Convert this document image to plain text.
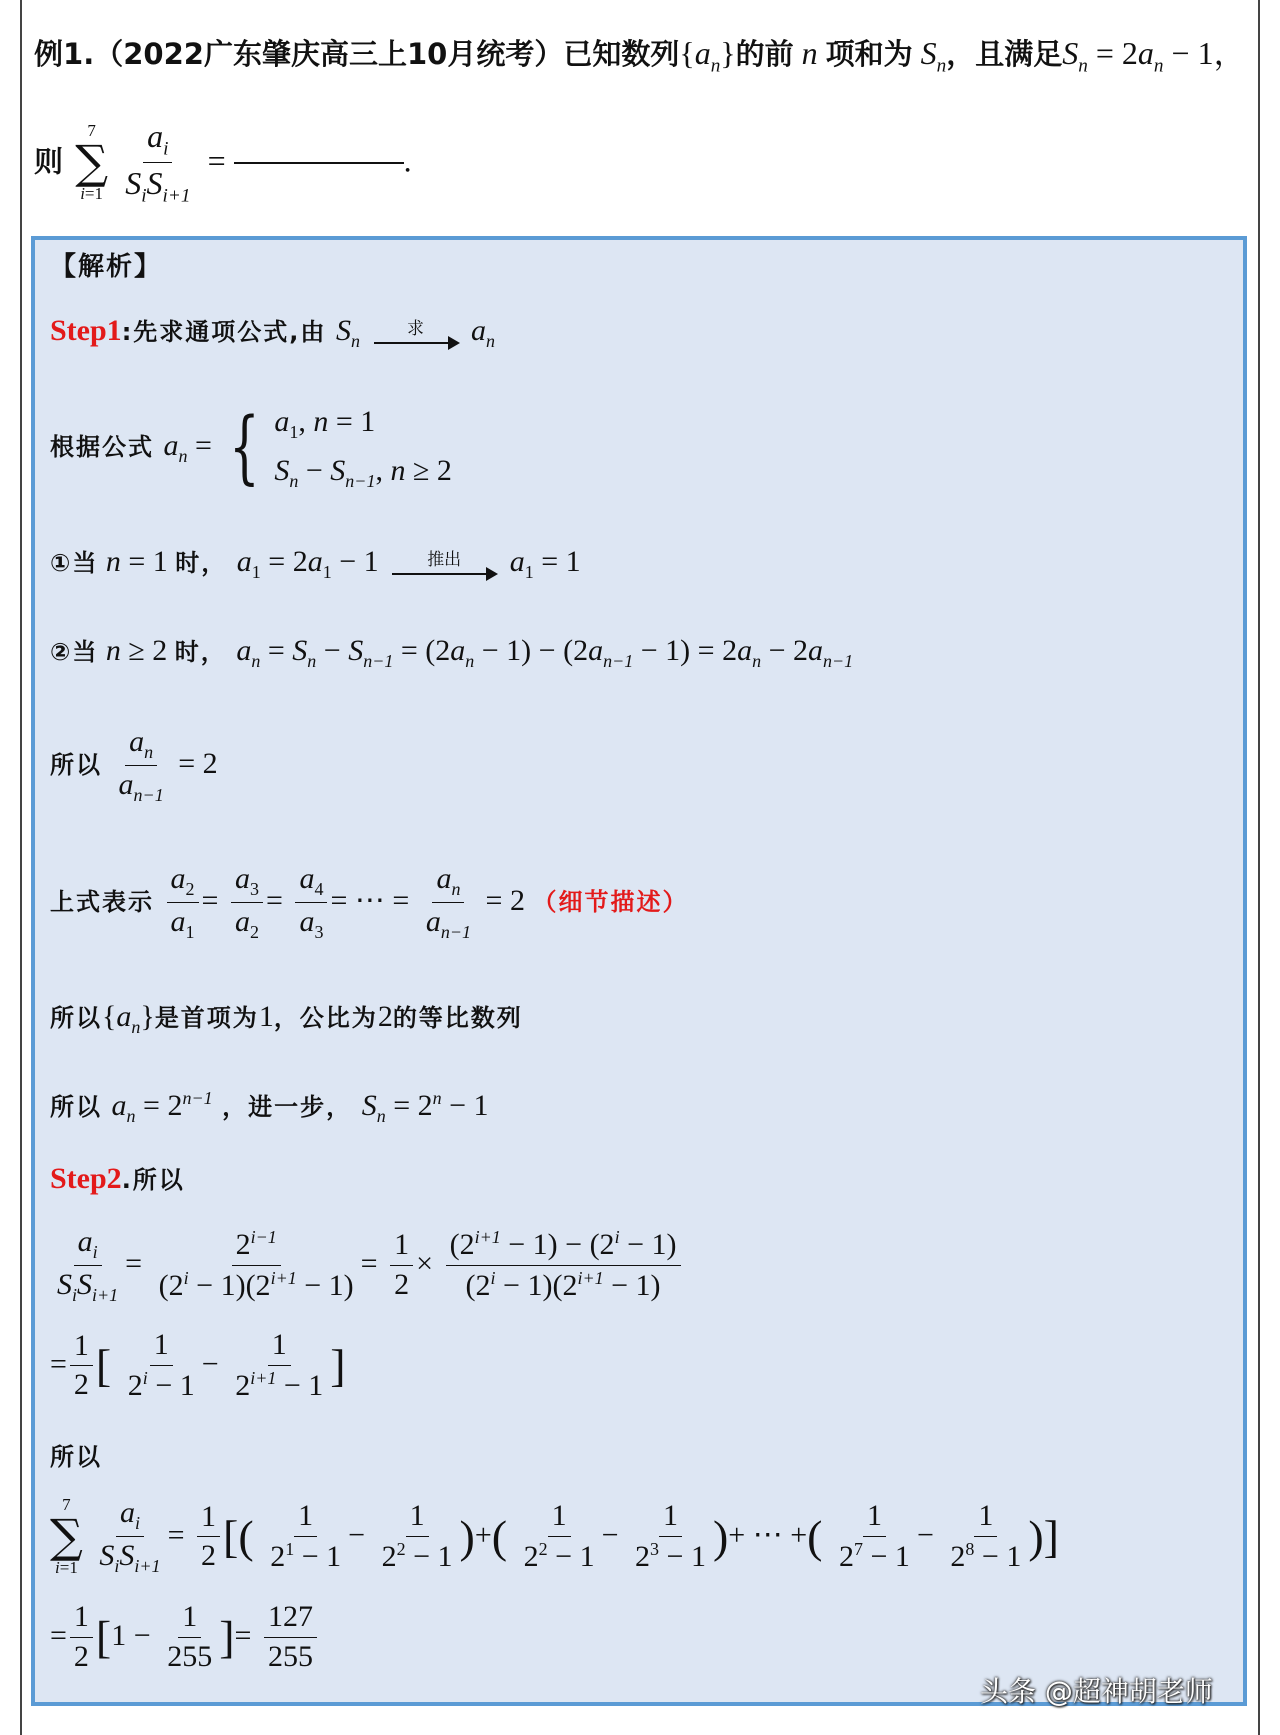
例1.（2022广东肇庆高三上10月统考）已知数列$\{a_n\}$的前 n 项和为 $S_n$，且满足$S_n = 2a_n - 1$，
则
7
∑
i=1
$\frac{a_i}{S_iS_{i+1}}$ =	.
【解析】
Step1:先求通项公式,由 $S_n$
求 $a_n$
根据公式 $a_n$ = { $a_1$, n = 1
$S_n - S_{n-1}$, n ≥ 2
①当 n = 1 时， $a_1 = 2a_1 - 1$	推出 $a_1 = 1$
②当 n ≥ 2 时， $a_n = S_n - S_{n-1} = (2a_n - 1) - (2a_{n-1} - 1) = 2a_n - 2a_{n-1}$
所以 $\frac{a_n}{a_{n-1}} = 2$
上式表示 $\frac{a_2}{a_1} = \frac{a_3}{a_2} = \frac{a_4}{a_3}$ = ⋯ = $\frac{a_n}{a_{n-1}} = 2$ （细节描述）
所以$\{a_n\}$是首项为1，公比为2的等比数列
所以 $a_n = 2^{n-1}$ ，进一步， $S_n = 2^n - 1$
Step2.所以
$\frac{a_i}{S_iS_{i+1}} = \frac{2^{i-1}}{(2^i - 1)(2^{i+1} - 1)} = \frac{1}{2} \times \frac{(2^{i+1} - 1) - (2^i - 1)}{(2^i - 1)(2^{i+1} - 1)}$
= $\frac{1}{2}$ [ $\frac{1}{2^i - 1} - \frac{1}{2^{i+1} - 1}$ ]
所以
7
∑
i=1
$\frac{a_i}{S_iS_{i+1}} = \frac{1}{2}$ [( $\frac{1}{2^1 - 1} - \frac{1}{2^2 - 1}$ )+( $\frac{1}{2^2 - 1} - \frac{1}{2^3 - 1}$ )+ ⋯ +( $\frac{1}{2^7 - 1} - \frac{1}{2^8 - 1}$ )]
= $\frac{1}{2} [1 - \frac{1}{255}$ ]= $\frac{127}{255}$
头条 @超神胡老师
